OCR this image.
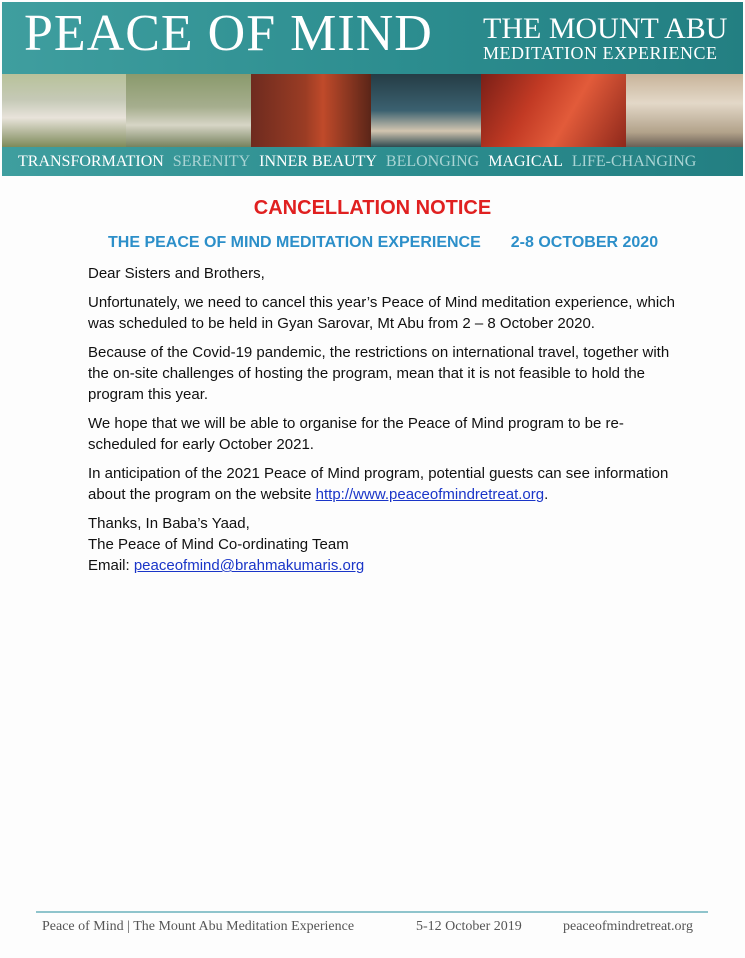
PEACE OF MIND THE MOUNT ABU
MEDITATION EXPERIENCE
TRANSFORMATION SERENITY INNER BEAUTY BELONGING MAGICAL LIFE-CHANGING
CANCELLATION NOTICE
THE PEACE OF MIND MEDITATION EXPERIENCE 2-8 OCTOBER 2020

Dear Sisters and Brothers,

Unfortunately, we need to cancel this year’s Peace of Mind meditation experience, which was scheduled to be held in Gyan Sarovar, Mt Abu from 2 – 8 October 2020.

Because of the Covid-19 pandemic, the restrictions on international travel, together with the on-site challenges of hosting the program, mean that it is not feasible to hold the program this year.

We hope that we will be able to organise for the Peace of Mind program to be re-scheduled for early October 2021.

In anticipation of the 2021 Peace of Mind program, potential guests can see information about the program on the website http://www.peaceofmindretreat.org.

Thanks, In Baba’s Yaad,

The Peace of Mind Co-ordinating Team

Email: peaceofmind@brahmakumaris.org

Peace of Mind | The Mount Abu Meditation Experience	5-12 October 2019	peaceofmindretreat.org
